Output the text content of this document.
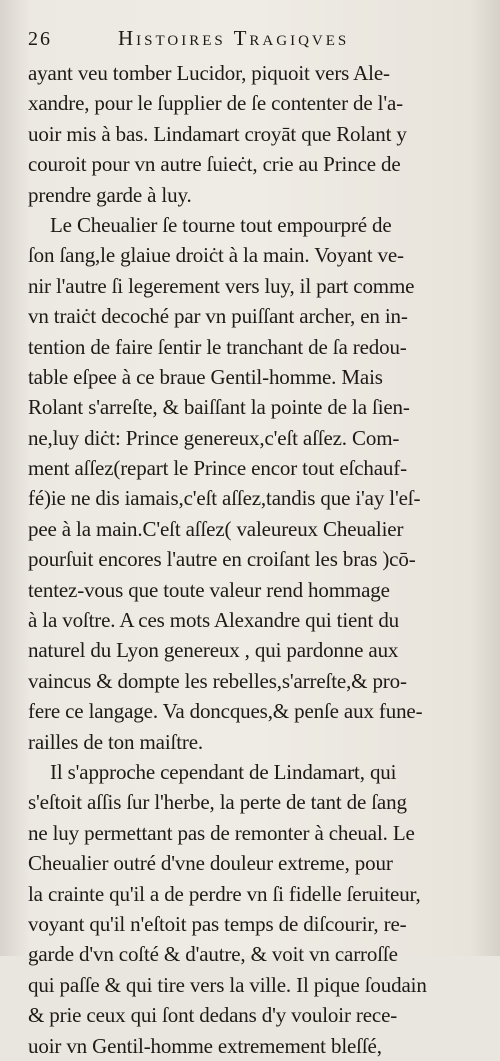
26	Histoires Tragiqves
ayant veu tomber Lucidor, piquoit vers Ale-
xandre, pour le ſupplier de ſe contenter de l'a-
uoir mis à bas. Lindamart croyāt que Rolant y
couroit pour vn autre ſuieċt, crie au Prince de
prendre garde à luy.
Le Cheualier ſe tourne tout empourpré de
ſon ſang,le glaiue droiċt à la main. Voyant ve-
nir l'autre ſi legerement vers luy, il part comme
vn traiċt decoché par vn puiſſant archer, en in-
tention de faire ſentir le tranchant de ſa redou-
table eſpee à ce braue Gentil-homme. Mais
Rolant s'arreſte, & baiſſant la pointe de la ſien-
ne,luy diċt: Prince genereux,c'eſt aſſez. Com-
ment aſſez(repart le Prince encor tout eſchauf-
fé)ie ne dis iamais,c'eſt aſſez,tandis que i'ay l'eſ-
pee à la main.C'eſt aſſez( valeureux Cheualier
pourſuit encores l'autre en croiſant les bras )cō-
tentez-vous que toute valeur rend hommage
à la voſtre. A ces mots Alexandre qui tient du
naturel du Lyon genereux , qui pardonne aux
vaincus & dompte les rebelles,s'arreſte,& pro-
fere ce langage. Va doncques,& penſe aux fune-
railles de ton maiſtre.
Il s'approche cependant de Lindamart, qui
s'eſtoit aſſis ſur l'herbe, la perte de tant de ſang
ne luy permettant pas de remonter à cheual. Le
Cheualier outré d'vne douleur extreme, pour
la crainte qu'il a de perdre vn ſi fidelle ſeruiteur,
voyant qu'il n'eſtoit pas temps de diſcourir, re-
garde d'vn coſté & d'autre, & voit vn carroſſe
qui paſſe & qui tire vers la ville. Il pique ſoudain
& prie ceux qui ſont dedans d'y vouloir rece-
uoir vn Gentil-homme extremement bleſſé,
